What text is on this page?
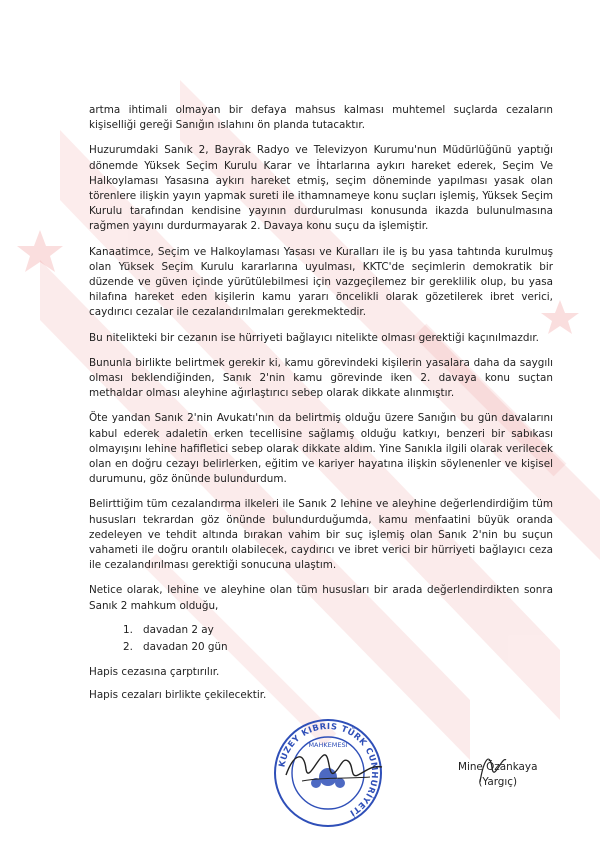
artma ihtimali olmayan bir defaya mahsus kalması muhtemel suçlarda cezaların kişiselliği gereği Sanığın ıslahını ön planda tutacaktır.

Huzurumdaki Sanık 2, Bayrak Radyo ve Televizyon Kurumu'nun Müdürlüğünü yaptığı dönemde Yüksek Seçim Kurulu Karar ve İhtarlarına aykırı hareket ederek, Seçim Ve Halkoylaması Yasasına aykırı hareket etmiş, seçim döneminde yapılması yasak olan törenlere ilişkin yayın yapmak sureti ile ithamnameye konu suçları işlemiş, Yüksek Seçim Kurulu tarafından kendisine yayının durdurulması konusunda ikazda bulunulmasına rağmen yayını durdurmayarak 2. Davaya konu suçu da işlemiştir.

Kanaatimce, Seçim ve Halkoylaması Yasası ve Kuralları ile iş bu yasa tahtında kurulmuş olan Yüksek Seçim Kurulu kararlarına uyulması, KKTC'de seçimlerin demokratik bir düzende ve güven içinde yürütülebilmesi için vazgeçilemez bir gereklilik olup, bu yasa hilafına hareket eden kişilerin kamu yararı öncelikli olarak gözetilerek ibret verici, caydırıcı cezalar ile cezalandırılmaları gerekmektedir.

Bu nitelikteki bir cezanın ise hürriyeti bağlayıcı nitelikte olması gerektiği kaçınılmazdır.

Bununla birlikte belirtmek gerekir ki, kamu görevindeki kişilerin yasalara daha da saygılı olması beklendiğinden, Sanık 2'nin kamu görevinde iken 2. davaya konu suçtan methaldar olması aleyhine ağırlaştırıcı sebep olarak dikkate alınmıştır.

Öte yandan Sanık 2'nin Avukatı'nın da belirtmiş olduğu üzere Sanığın bu gün davalarını kabul ederek adaletin erken tecellisine sağlamış olduğu katkıyı, benzeri bir sabıkası olmayışını lehine hafifletici sebep olarak dikkate aldım. Yine Sanıkla ilgili olarak verilecek olan en doğru cezayı belirlerken, eğitim ve kariyer hayatına ilişkin söylenenler ve kişisel durumunu, göz önünde bulundurdum.

Belirttiğim tüm cezalandırma ilkeleri ile Sanık 2 lehine ve aleyhine değerlendirdiğim tüm hususları tekrardan göz önünde bulundurduğumda, kamu menfaatini büyük oranda zedeleyen ve tehdit altında bırakan vahim bir suç işlemiş olan Sanık 2'nin bu suçun vahameti ile doğru orantılı olabilecek, caydırıcı ve ibret verici bir hürriyeti bağlayıcı ceza ile cezalandırılması gerektiği sonucuna ulaştım.

Netice olarak, lehine ve aleyhine olan tüm hususları bir arada değerlendirdikten sonra Sanık 2 mahkum olduğu,

1. davadan 2 ay
2. davadan 20 gün

Hapis cezasına çarptırılır.

Hapis cezaları birlikte çekilecektir.

KUZEY KIBRIS TÜRK CUMHURİYETİ
MAHKEMESİ
Mine Özankaya
(Yargıç)
